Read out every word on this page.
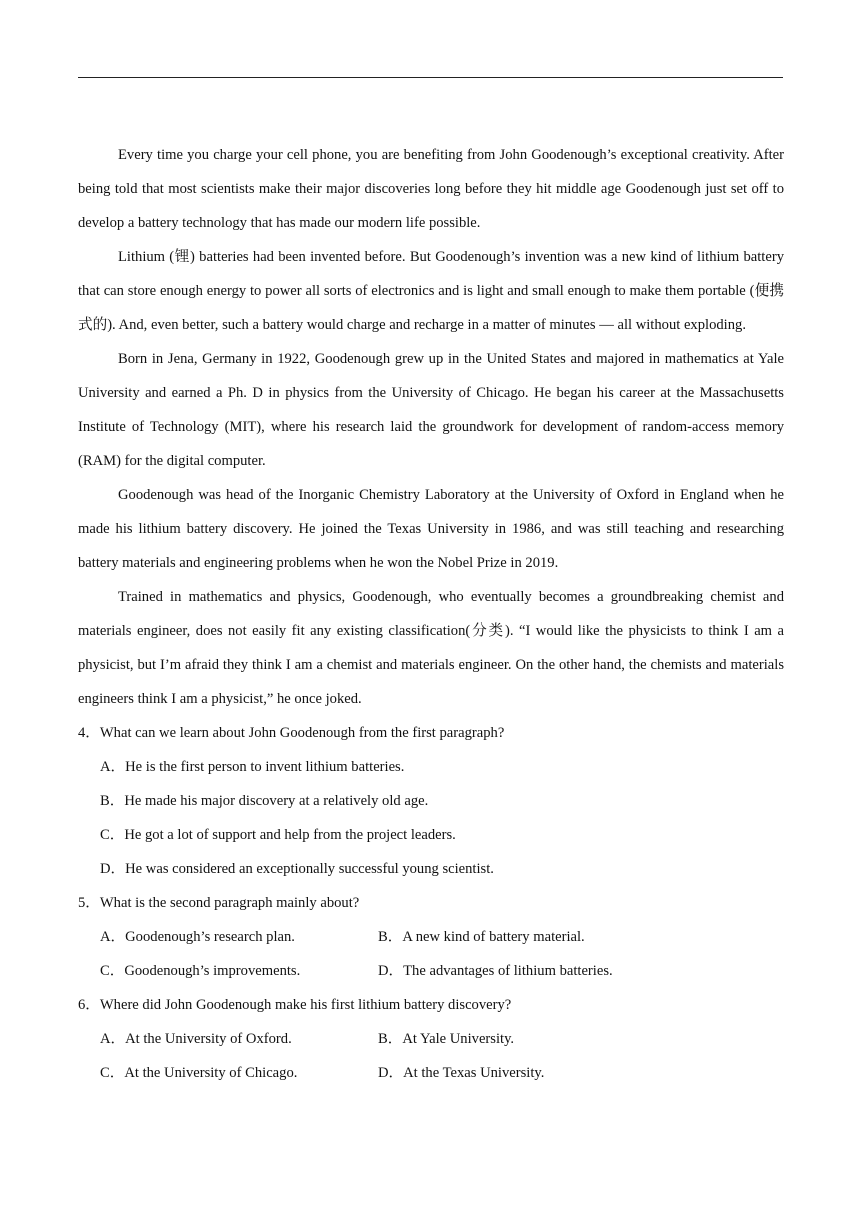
Every time you charge your cell phone, you are benefiting from John Goodenough’s exceptional creativity. After being told that most scientists make their major discoveries long before they hit middle age Goodenough just set off to develop a battery technology that has made our modern life possible.

Lithium (锂) batteries had been invented before. But Goodenough’s invention was a new kind of lithium battery that can store enough energy to power all sorts of electronics and is light and small enough to make them portable (便携式的). And, even better, such a battery would charge and recharge in a matter of minutes — all without exploding.

Born in Jena, Germany in 1922, Goodenough grew up in the United States and majored in mathematics at Yale University and earned a Ph. D in physics from the University of Chicago. He began his career at the Massachusetts Institute of Technology (MIT), where his research laid the groundwork for development of random-access memory (RAM) for the digital computer.

Goodenough was head of the Inorganic Chemistry Laboratory at the University of Oxford in England when he made his lithium battery discovery. He joined the Texas University in 1986, and was still teaching and researching battery materials and engineering problems when he won the Nobel Prize in 2019.

Trained in mathematics and physics, Goodenough, who eventually becomes a groundbreaking chemist and materials engineer, does not easily fit any existing classification(分类). “I would like the physicists to think I am a physicist, but I’m afraid they think I am a chemist and materials engineer. On the other hand, the chemists and materials engineers think I am a physicist,” he once joked.

4．What can we learn about John Goodenough from the first paragraph?

A．He is the first person to invent lithium batteries.

B．He made his major discovery at a relatively old age.

C．He got a lot of support and help from the project leaders.

D．He was considered an exceptionally successful young scientist.

5．What is the second paragraph mainly about?

A．Goodenough’s research plan.	B．A new kind of battery material.
C．Goodenough’s improvements.	D．The advantages of lithium batteries.

6．Where did John Goodenough make his first lithium battery discovery?

A．At the University of Oxford.	B．At Yale University.
C．At the University of Chicago.	D．At the Texas University.
